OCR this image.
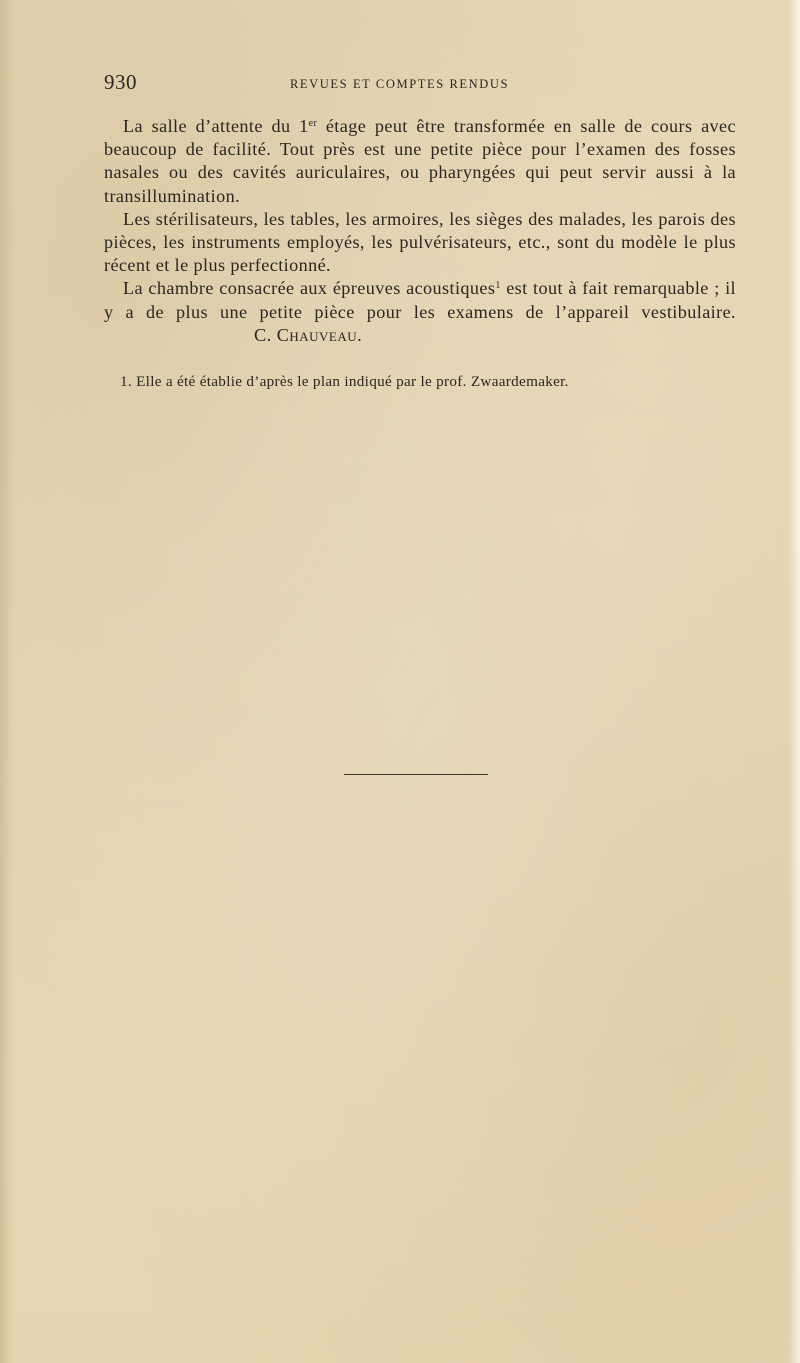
930	REVUES ET COMPTES RENDUS

La salle d’attente du 1er étage peut être transformée en salle de cours avec beaucoup de facilité. Tout près est une petite pièce pour l’examen des fosses nasales ou des cavités auriculaires, ou pharyngées qui peut servir aussi à la transillumination.

Les stérilisateurs, les tables, les armoires, les sièges des malades, les parois des pièces, les instruments employés, les pulvérisateurs, etc., sont du modèle le plus récent et le plus perfectionné.

La chambre consacrée aux épreuves acoustiques$^1$ est tout à fait remarquable ; il y a de plus une petite pièce pour les examens de l’appareil vestibulaire.C. Chauveau.

1. Elle a été établie d’après le plan indiqué par le prof. Zwaardemaker.
